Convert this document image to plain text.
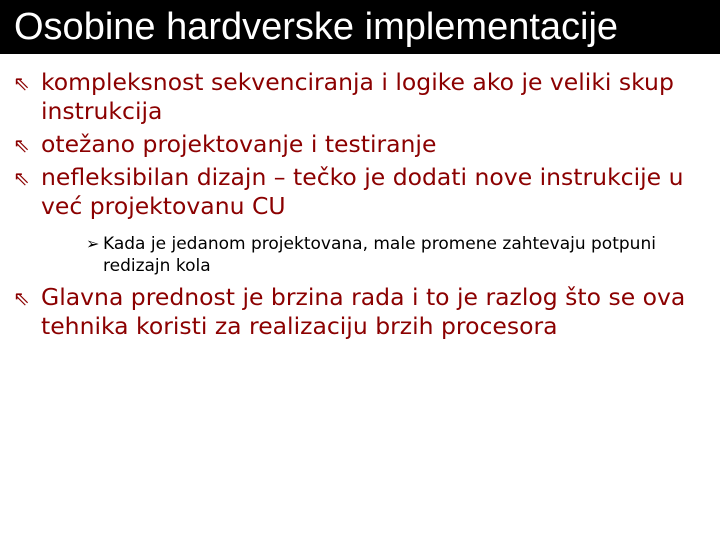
Osobine hardverske implementacije
⇖ kompleksnost sekvenciranja i logike ako je veliki skup instrukcija
⇖ otežano projektovanje i testiranje
⇖ nefleksibilan dizajn – tečko je dodati nove instrukcije u već projektovanu CU
➢ Kada je jedanom projektovana, male promene zahtevaju potpuni redizajn kola
⇖ Glavna prednost je brzina rada i to je razlog što se ova tehnika koristi za realizaciju brzih procesora
